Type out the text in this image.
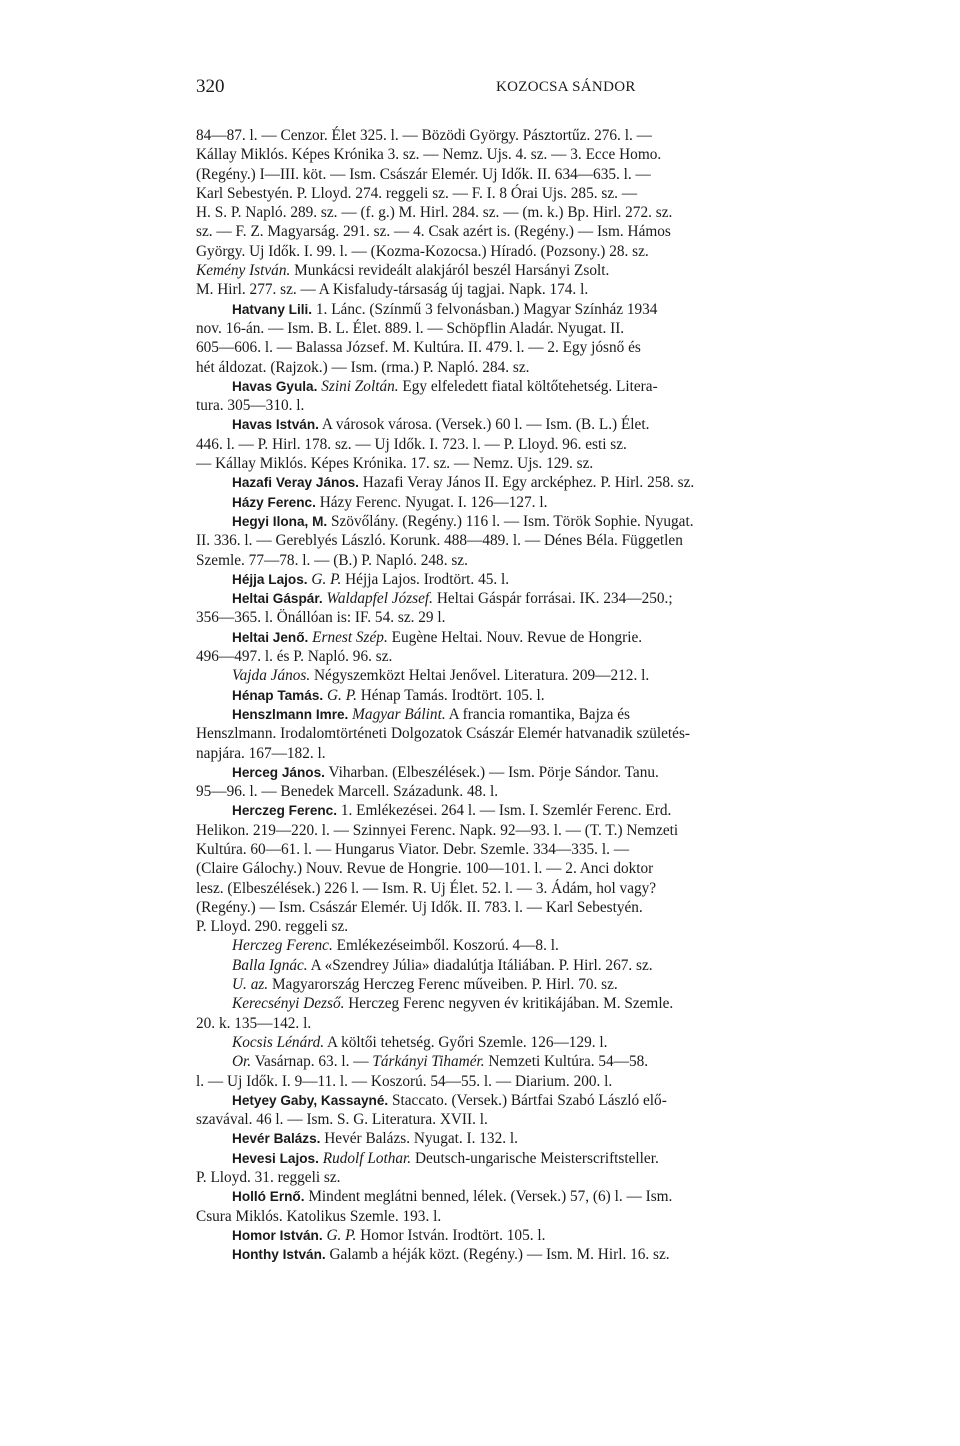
320	KOZOCSA SÁNDOR
84—87. l. — Cenzor. Élet 325. l. — Bözödi György. Pásztortűz. 276. l. —
Kállay Miklós. Képes Krónika 3. sz. — Nemz. Ujs. 4. sz. — 3. Ecce Homo.
(Regény.) I—III. köt. — Ism. Császár Elemér. Uj Idők. II. 634—635. l. —
Karl Sebestyén. P. Lloyd. 274. reggeli sz. — F. I. 8 Órai Ujs. 285. sz. —
H. S. P. Napló. 289. sz. — (f. g.) M. Hirl. 284. sz. — (m. k.) Bp. Hirl. 272. sz.
sz. — F. Z. Magyarság. 291. sz. — 4. Csak azért is. (Regény.) — Ism. Hámos
György. Uj Idők. I. 99. l. — (Kozma-Kozocsa.) Híradó. (Pozsony.) 28. sz.
Kemény István. Munkácsi revideált alakjáról beszél Harsányi Zsolt.
M. Hirl. 277. sz. — A Kisfaludy-társaság új tagjai. Napk. 174. l.
Hatvany Lili. 1. Lánc. (Színmű 3 felvonásban.) Magyar Színház 1934
nov. 16-án. — Ism. B. L. Élet. 889. l. — Schöpflin Aladár. Nyugat. II.
605—606. l. — Balassa József. M. Kultúra. II. 479. l. — 2. Egy jósnő és
hét áldozat. (Rajzok.) — Ism. (rma.) P. Napló. 284. sz.
Havas Gyula. Szini Zoltán. Egy elfeledett fiatal költőtehetség. Litera-
tura. 305—310. l.
Havas István. A városok városa. (Versek.) 60 l. — Ism. (B. L.) Élet.
446. l. — P. Hirl. 178. sz. — Uj Idők. I. 723. l. — P. Lloyd. 96. esti sz.
— Kállay Miklós. Képes Krónika. 17. sz. — Nemz. Ujs. 129. sz.
Hazafi Veray János. Hazafi Veray János II. Egy arcképhez. P. Hirl. 258. sz.
Házy Ferenc. Házy Ferenc. Nyugat. I. 126—127. l.
Hegyi Ilona, M. Szövőlány. (Regény.) 116 l. — Ism. Török Sophie. Nyugat.
II. 336. l. — Gereblyés László. Korunk. 488—489. l. — Dénes Béla. Független
Szemle. 77—78. l. — (B.) P. Napló. 248. sz.
Héjja Lajos. G. P. Héjja Lajos. Irodtört. 45. l.
Heltai Gáspár. Waldapfel József. Heltai Gáspár forrásai. IK. 234—250.;
356—365. l. Önállóan is: IF. 54. sz. 29 l.
Heltai Jenő. Ernest Szép. Eugène Heltai. Nouv. Revue de Hongrie.
496—497. l. és P. Napló. 96. sz.
Vajda János. Négyszemközt Heltai Jenővel. Literatura. 209—212. l.
Hénap Tamás. G. P. Hénap Tamás. Irodtört. 105. l.
Henszlmann Imre. Magyar Bálint. A francia romantika, Bajza és
Henszlmann. Irodalomtörténeti Dolgozatok Császár Elemér hatvanadik születés-
napjára. 167—182. l.
Herceg János. Viharban. (Elbeszélések.) — Ism. Pörje Sándor. Tanu.
95—96. l. — Benedek Marcell. Századunk. 48. l.
Herczeg Ferenc. 1. Emlékezései. 264 l. — Ism. I. Szemlér Ferenc. Erd.
Helikon. 219—220. l. — Szinnyei Ferenc. Napk. 92—93. l. — (T. T.) Nemzeti
Kultúra. 60—61. l. — Hungarus Viator. Debr. Szemle. 334—335. l. —
(Claire Gálochy.) Nouv. Revue de Hongrie. 100—101. l. — 2. Anci doktor
lesz. (Elbeszélések.) 226 l. — Ism. R. Uj Élet. 52. l. — 3. Ádám, hol vagy?
(Regény.) — Ism. Császár Elemér. Uj Idők. II. 783. l. — Karl Sebestyén.
P. Lloyd. 290. reggeli sz.
Herczeg Ferenc. Emlékezéseimből. Koszorú. 4—8. l.
Balla Ignác. A «Szendrey Júlia» diadalútja Itáliában. P. Hirl. 267. sz.
U. az. Magyarország Herczeg Ferenc műveiben. P. Hirl. 70. sz.
Kerecsényi Dezső. Herczeg Ferenc negyven év kritikájában. M. Szemle.
20. k. 135—142. l.
Kocsis Lénárd. A költői tehetség. Győri Szemle. 126—129. l.
Or. Vasárnap. 63. l. — Tárkányi Tihamér. Nemzeti Kultúra. 54—58.
l. — Uj Idők. I. 9—11. l. — Koszorú. 54—55. l. — Diarium. 200. l.
Hetyey Gaby, Kassayné. Staccato. (Versek.) Bártfai Szabó László elő-
szavával. 46 l. — Ism. S. G. Literatura. XVII. l.
Hevér Balázs. Hevér Balázs. Nyugat. I. 132. l.
Hevesi Lajos. Rudolf Lothar. Deutsch-ungarische Meisterscriftsteller.
P. Lloyd. 31. reggeli sz.
Holló Ernő. Mindent meglátni benned, lélek. (Versek.) 57, (6) l. — Ism.
Csura Miklós. Katolikus Szemle. 193. l.
Homor István. G. P. Homor István. Irodtört. 105. l.
Honthy István. Galamb a héják közt. (Regény.) — Ism. M. Hirl. 16. sz.
